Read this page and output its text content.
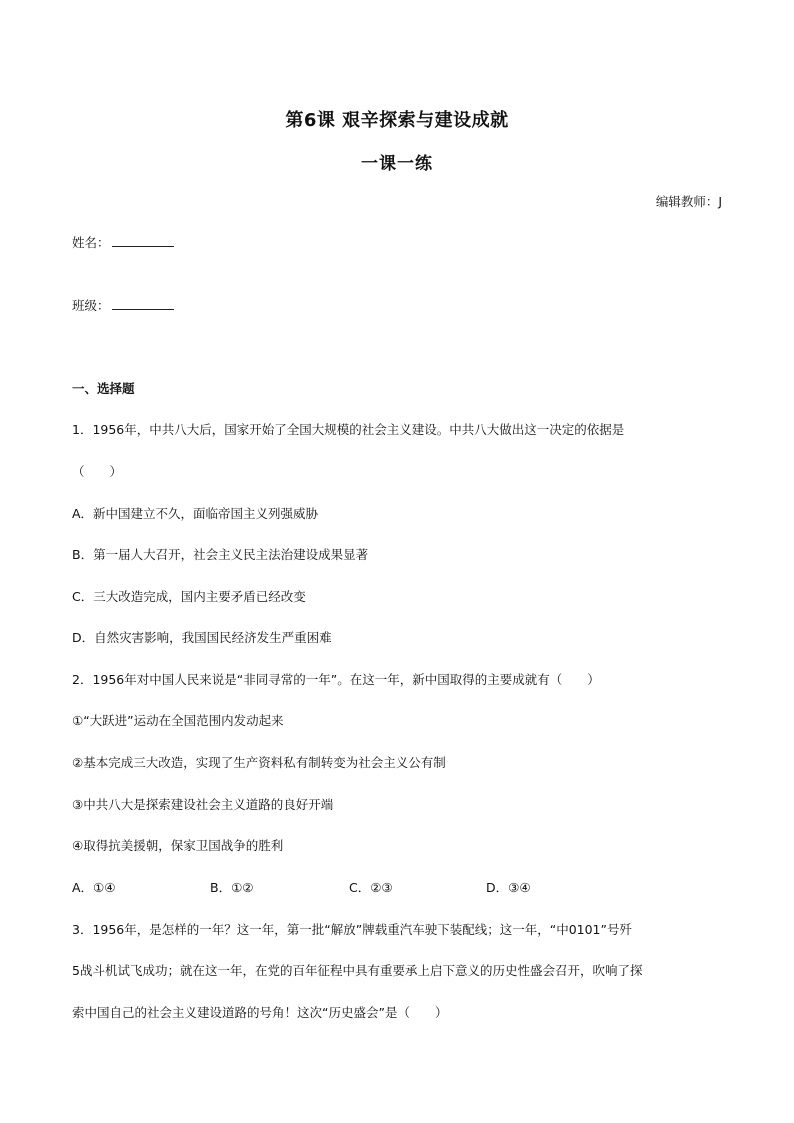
第6课 艰辛探索与建设成就
一课一练
编辑教师：J
姓名：
班级：
一、选择题
1．1956年，中共八大后，国家开始了全国大规模的社会主义建设。中共八大做出这一决定的依据是
（　　）
A．新中国建立不久，面临帝国主义列强威胁
B．第一届人大召开，社会主义民主法治建设成果显著
C．三大改造完成，国内主要矛盾已经改变
D．自然灾害影响，我国国民经济发生严重困难
2．1956年对中国人民来说是“非同寻常的一年”。在这一年，新中国取得的主要成就有（　　）
①“大跃进”运动在全国范围内发动起来
②基本完成三大改造，实现了生产资料私有制转变为社会主义公有制
③中共八大是探索建设社会主义道路的良好开端
④取得抗美援朝，保家卫国战争的胜利
A．①④	B．①②	C．②③	D．③④
3．1956年，是怎样的一年？这一年，第一批“解放”牌载重汽车驶下装配线；这一年，“中0101”号歼
5战斗机试飞成功；就在这一年，在党的百年征程中具有重要承上启下意义的历史性盛会召开，吹响了探
索中国自己的社会主义建设道路的号角！这次“历史盛会”是（　　）
